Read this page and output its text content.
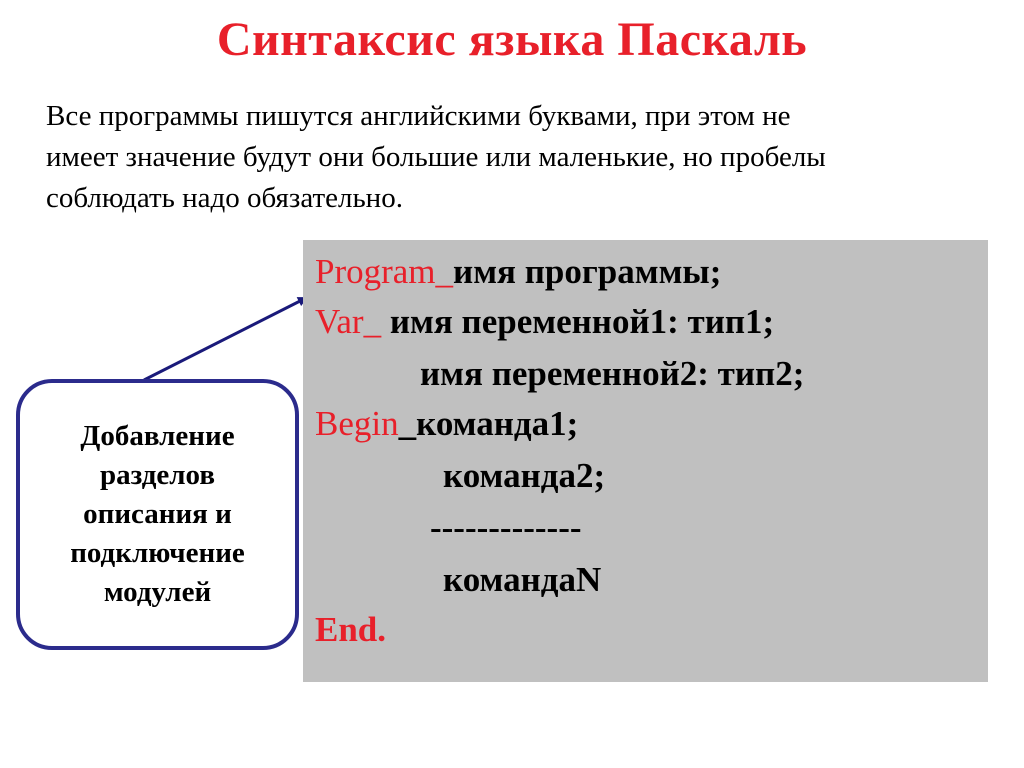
Синтаксис языка Паскаль
Все программы пишутся английскими буквами, при этом не
имеет значение будут они большие или маленькие, но пробелы
соблюдать надо обязательно.
Program_имя программы;
Var_ имя переменной1: тип1;
имя переменной2: тип2;
Begin_команда1;
команда2;
-------------
командаN
End.
Добавление
разделов
описания и
подключение
модулей
